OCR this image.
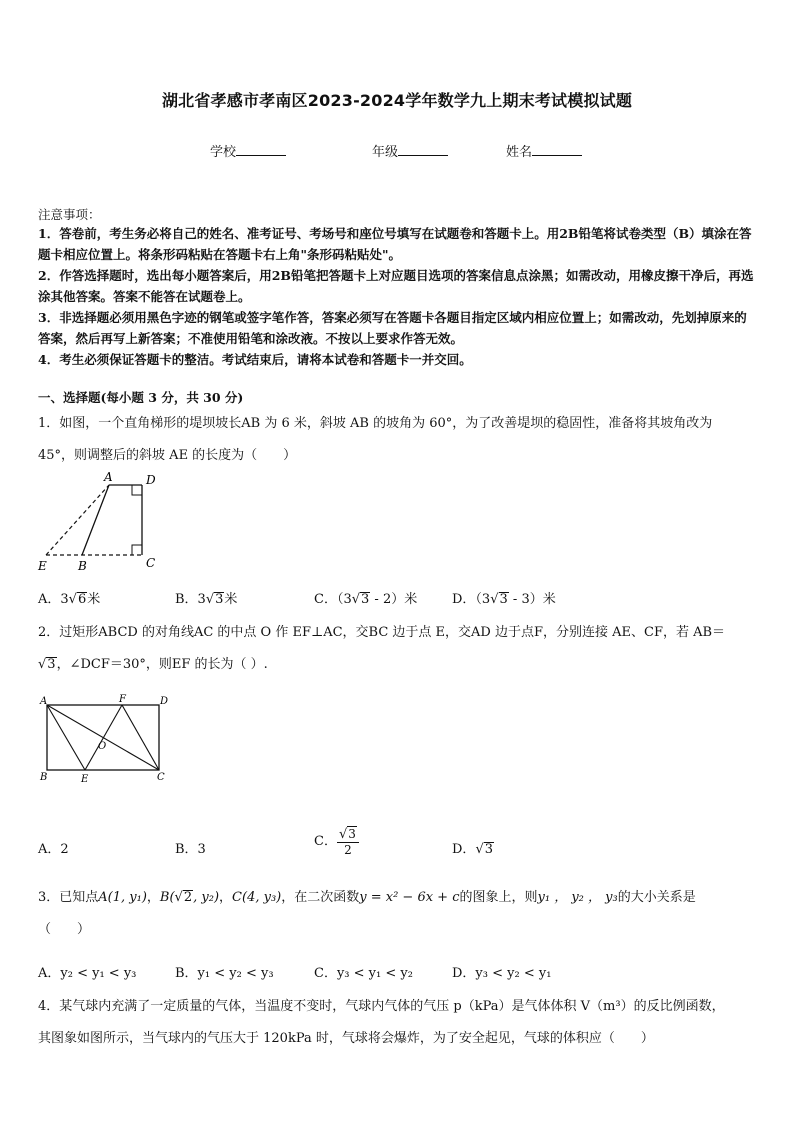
湖北省孝感市孝南区2023-2024学年数学九上期末考试模拟试题
学校	年级	姓名
注意事项：

1．答卷前，考生务必将自己的姓名、准考证号、考场号和座位号填写在试题卷和答题卡上。用2B铅笔将试卷类型（B）填涂在答题卡相应位置上。将条形码粘贴在答题卡右上角"条形码粘贴处"。

2．作答选择题时，选出每小题答案后，用2B铅笔把答题卡上对应题目选项的答案信息点涂黑；如需改动，用橡皮擦干净后，再选涂其他答案。答案不能答在试题卷上。

3．非选择题必须用黑色字迹的钢笔或签字笔作答，答案必须写在答题卡各题目指定区域内相应位置上；如需改动，先划掉原来的答案，然后再写上新答案；不准使用铅笔和涂改液。不按以上要求作答无效。

4．考生必须保证答题卡的整洁。考试结束后，请将本试卷和答题卡一并交回。

一、选择题(每小题 3 分，共 30 分)

1．如图，一个直角梯形的堤坝坡长AB 为 6 米，斜坡 AB 的坡角为 60°，为了改善堤坝的稳固性，准备将其坡角改为

45°，则调整后的斜坡 AE 的长度为（　　）

A	D
E	B	C
A．3√6米	B．3√3米	C．（3√3 - 2）米	D．（3√3 - 3）米

2．过矩形ABCD 的对角线AC 的中点 O 作 EF⊥AC，交BC 边于点 E，交AD 边于点F，分别连接 AE、CF，若 AB＝

√3，∠DCF＝30°，则EF 的长为（ ）.

A	F	D
O
B	E	C
A．2	B．3
C． $\frac{√3}{2}$	D．√3

3．已知点A(1, y₁)，B(√2, y₂)，C(4, y₃)，在二次函数y = x² − 6x + c的图象上，则y₁ ， y₂ ， y₃的大小关系是

（　　）

A．y₂ < y₁ < y₃	B．y₁ < y₂ < y₃	C．y₃ < y₁ < y₂	D．y₃ < y₂ < y₁

4．某气球内充满了一定质量的气体，当温度不变时，气球内气体的气压 p（kPa）是气体体积 V（m³）的反比例函数，

其图象如图所示，当气球内的气压大于 120kPa 时，气球将会爆炸，为了安全起见，气球的体积应（　　）
